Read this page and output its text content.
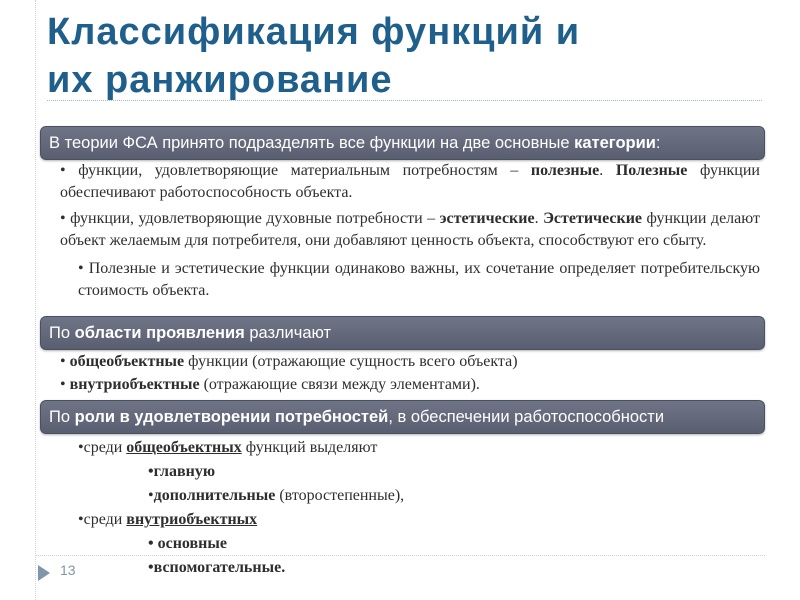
Классификация функций и
их ранжирование
В теории ФСА принято подразделять все функции на две основные категории:

• функции, удовлетворяющие материальным потребностям – полезные. Полезные функции обеспечивают работоспособность объекта.

• функции, удовлетворяющие духовные потребности – эстетические. Эстетические функции делают объект желаемым для потребителя, они добавляют ценность объекта, способствуют его сбыту.

• Полезные и эстетические функции одинаково важны, их сочетание определяет потребительскую стоимость объекта.

По области проявления различают
• общеобъектные функции (отражающие сущность всего объекта)
• внутриобъектные (отражающие связи между элементами).
По роли в удовлетворении потребностей, в обеспечении работоспособности
•среди общеобъектных функций выделяют
•главную
•дополнительные (второстепенные),
•среди внутриобъектных
• основные
•вспомогательные.
13
